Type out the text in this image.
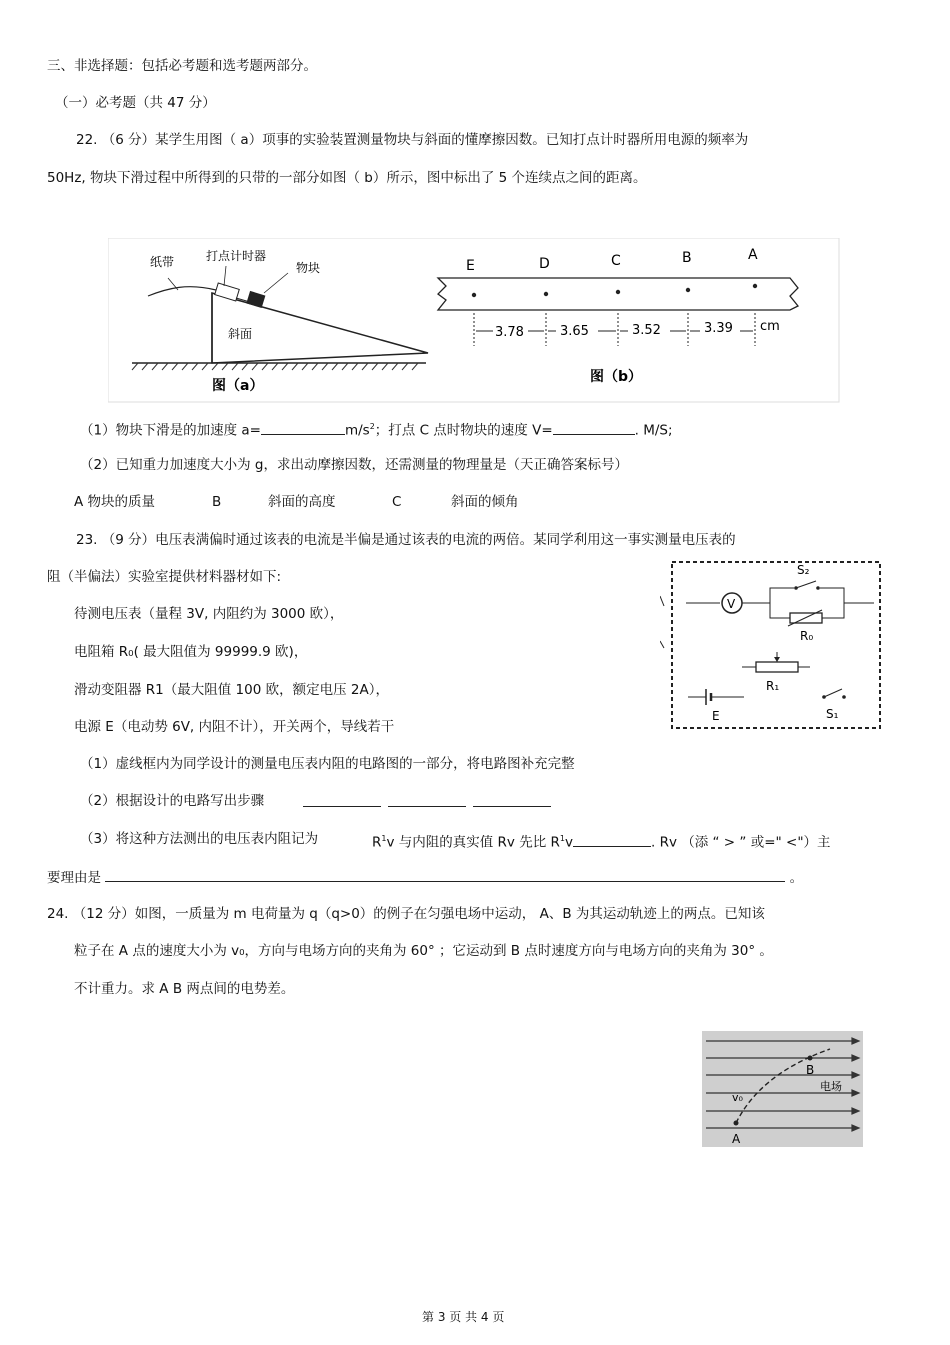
三、非选择题：包括必考题和选考题两部分。
（一）必考题（共 47 分）
22. （6 分）某学生用图（ a）项事的实验装置测量物块与斜面的懂摩擦因数。已知打点计时器所用电源的频率为
50Hz, 物块下滑过程中所得到的只带的一部分如图（ b）所示，图中标出了 5 个连续点之间的距离。
纸带	打点计时器
物块
斜面
图（a）
E	D	C	B	A
3.78	3.65	3.52	3.39 cm
图（b）
（1）物块下滑是的加速度 a=	$m/s^2$；打点 C 点时物块的速度 V=	. M/S;
（2）已知重力加速度大小为 g，求出动摩擦因数，还需测量的物理量是（天正确答案标号）
A 物块的质量	B	斜面的高度	C	斜面的倾角
23. （9 分）电压表满偏时通过该表的电流是半偏是通过该表的电流的两倍。某同学利用这一事实测量电压表的
阻（半偏法）实验室提供材料器材如下:
待测电压表（量程 3V, 内阻约为 3000 欧），
电阻箱 R₀( 最大阻值为 99999.9 欧)，
滑动变阻器 R1（最大阻值 100 欧，额定电压 2A），
电源 E（电动势 6V, 内阻不计），开关两个，导线若干
V
S₂
R₀
R₁
E	S₁
（1）虚线框内为同学设计的测量电压表内阻的电路图的一部分，将电路图补充完整
（2）根据设计的电路写出步骤
（3）将这种方法测出的电压表内阻记为	$R^1v$ 与内阻的真实值 Rv 先比 $R^1v$	. Rv （添 “ > ” 或=" <"）主
要理由是	。
24. （12 分）如图，一质量为 m 电荷量为 q（q>0）的例子在匀强电场中运动， A、B 为其运动轨迹上的两点。已知该
粒子在 A 点的速度大小为 v₀，方向与电场方向的夹角为 60° ；它运动到 B 点时速度方向与电场方向的夹角为 30° 。
不计重力。求 A B 两点间的电势差。
B
A
v₀
电场
第 3 页 共 4 页
